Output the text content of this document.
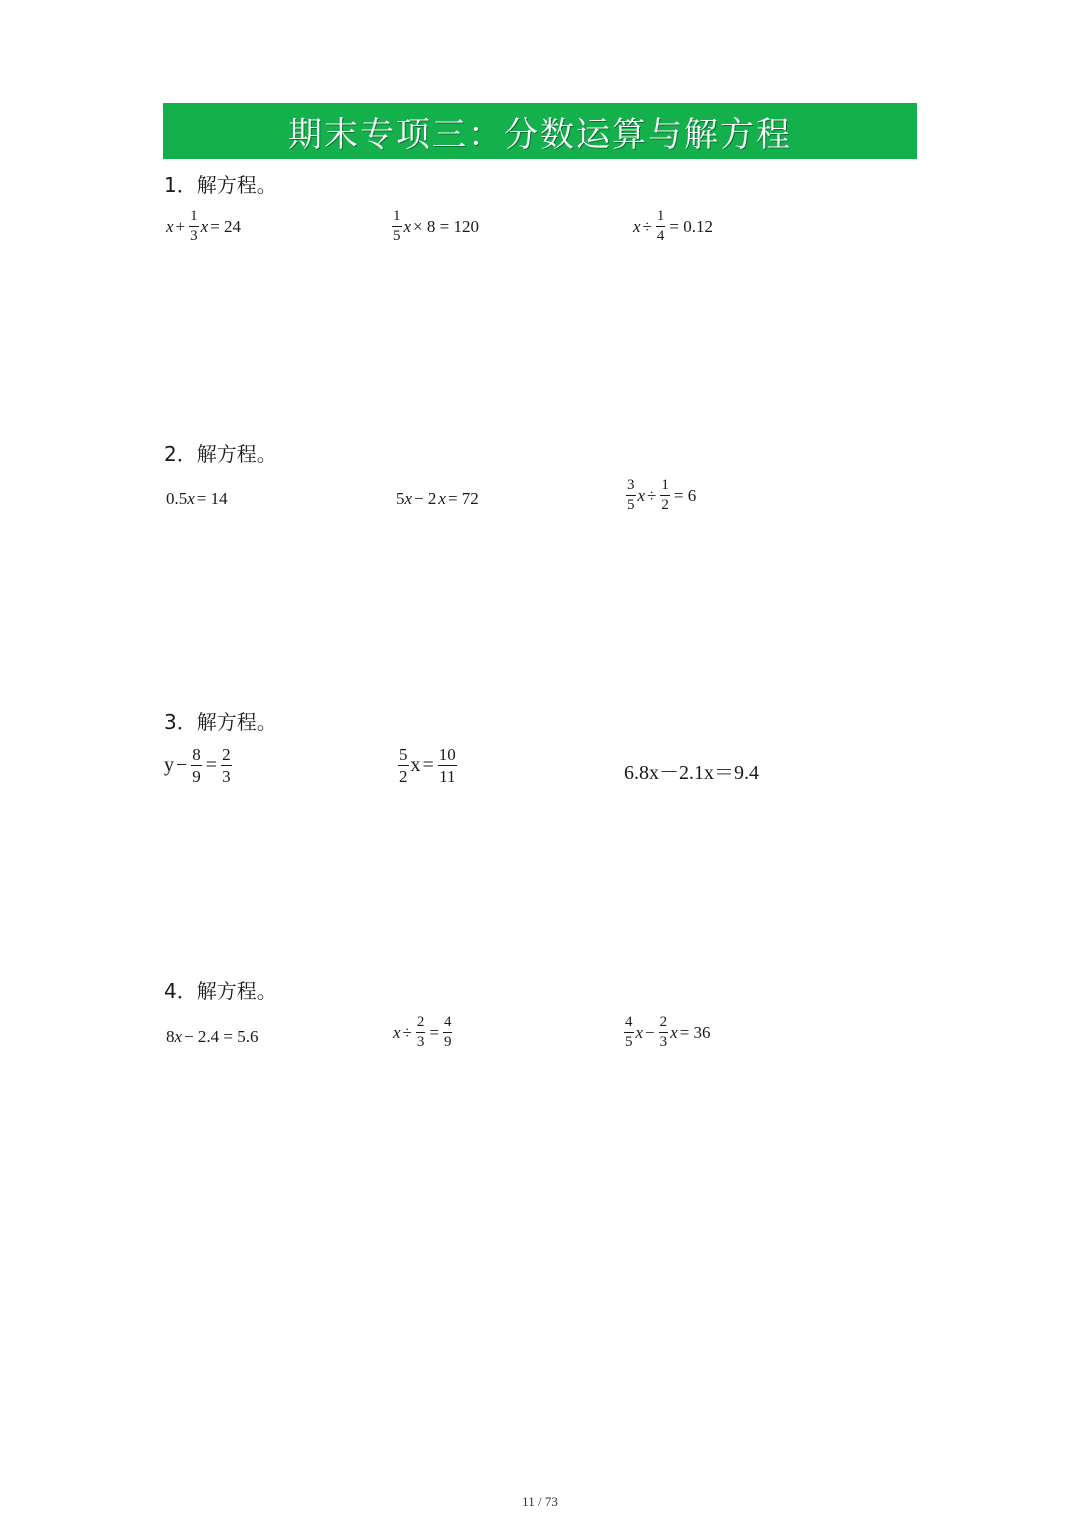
期末专项三：分数运算与解方程
1．解方程。
$x + \frac{1}{3}$ x = 24	$\frac{1}{5}$ x × 8 = 120	$x \div \frac{1}{4} = 0.12$
2．解方程。
0.5 x = 14	5 x − 2 x = 72	$\frac{3}{5}$ $x \div \frac{1}{2} = 6$
3．解方程。
$y - \frac{8}{9} = \frac{2}{3}$	$\frac{5}{2}$ $x = \frac{10}{11}$	6.8x－2.1x＝9.4
4．解方程。
8 x − 2.4 = 5.6	$x \div \frac{2}{3} = \frac{4}{9}$	$\frac{4}{5}$ $x - \frac{2}{3}$ x = 36
11 / 73
